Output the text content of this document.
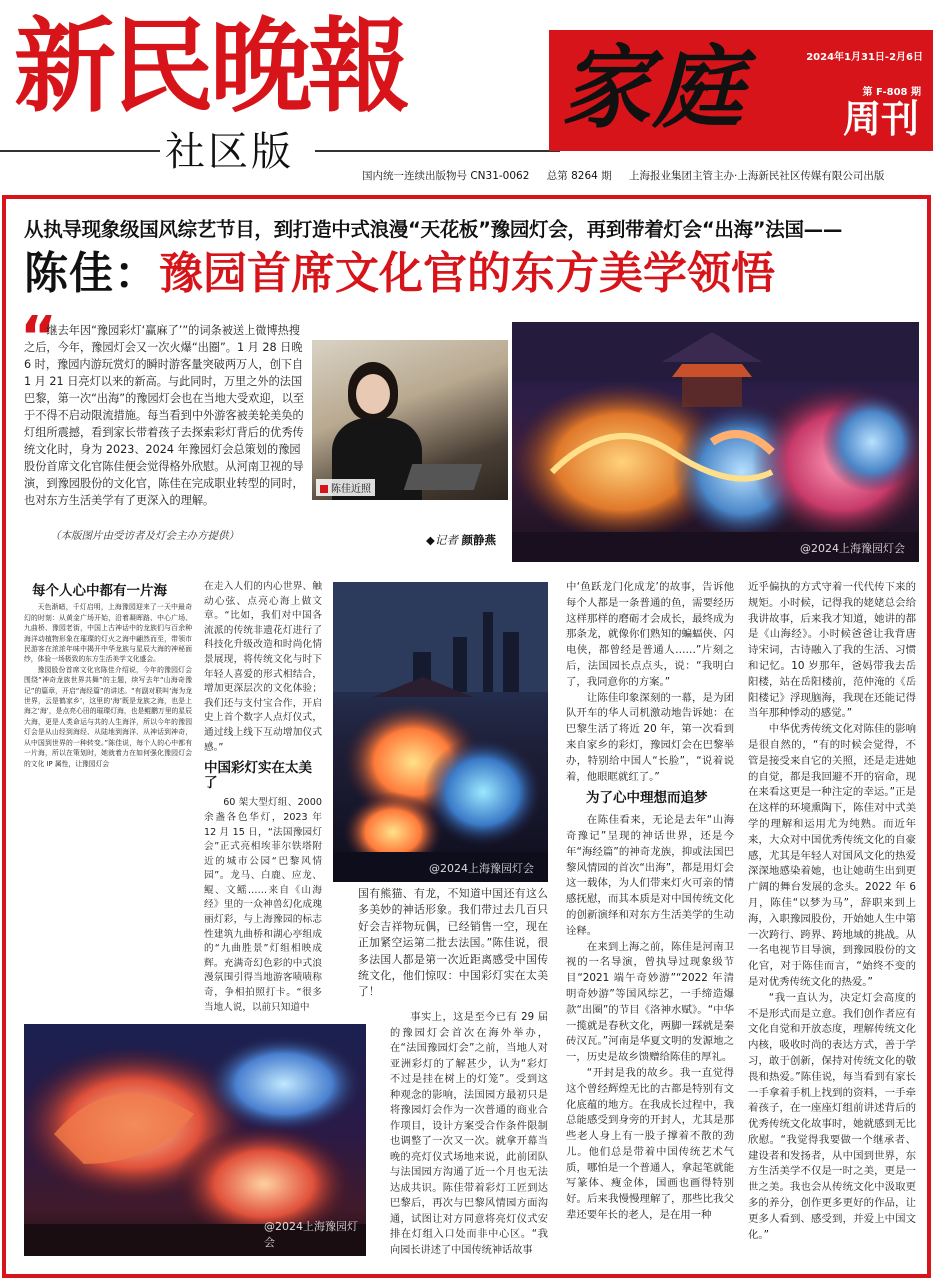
新民晚報
社区版
家庭	2024年1月31日-2月6日
第 F-808 期
周刊
国内统一连续出版物号 CN31-0062 总第 8264 期 上海报业集团主管主办·上海新民社区传媒有限公司出版
从执导现象级国风综艺节目，到打造中式浪漫“天花板”豫园灯会，再到带着灯会“出海”法国——
陈佳：豫园首席文化官的东方美学领悟
“
继去年因“豫园彩灯‘赢麻了’”的词条被送上微博热搜之后，今年，豫园灯会又一次火爆“出圈”。1 月 28 日晚 6 时，豫园内游玩赏灯的瞬时游客量突破两万人，创下自 1 月 21 日亮灯以来的新高。与此同时，万里之外的法国巴黎，第一次“出海”的豫园灯会也在当地大受欢迎，以至于不得不启动限流措施。每当看到中外游客被美轮美奂的灯组所震撼，看到家长带着孩子去探索彩灯背后的优秀传统文化时，身为 2023、2024 年豫园灯会总策划的豫园股份首席文化官陈佳便会觉得格外欣慰。从河南卫视的导演，到豫园股份的文化官，陈佳在完成职业转型的同时，也对东方生活美学有了更深入的理解。
陈佳近照
（本版图片由受访者及灯会主办方提供）	◆记者 颜静燕
@2024上海豫园灯会
每个人心中都有一片海

天色渐暗，千灯启明，上海豫园迎来了一天中最奇幻的时刻：从黄金广场开始，沿着凝晖路、中心广场、九曲桥、豫园老街，中国上古神话中的龙族们与百余种海洋动植物形象在璀璨的灯火之海中翩然而至，带领市民游客在浓浓年味中揭开中华龙族与星辰大海的神秘面纱，体验一场极致的东方生活美学文化盛会。

豫园股份首席文化官陈佳介绍说，今年的豫园灯会围绕“神奇龙族世界共舞”的主题，续写去年“山海奇豫记”的篇章，开启“海经篇”的讲述。“有副对联叫‘海为龙世界，云是鹤家乡’，这里的‘海’既是龙族之海，也是上海之‘海’，是点亮心田的璀璨灯海，也是鲲鹏万里的星辰大海，更是人类命运与共的人生海洋，所以今年的豫园灯会是从山经到海经、从陆地到海洋、从神话到神奇，从中国到世界的一种转变。”陈佳说，每个人的心中都有一片海，所以在策划时，她就着力在如何强化豫园灯会的文化 IP 属性，让豫园灯会

在走入人们的内心世界、触动心弦、点亮心海上做文章。“比如，我们对中国各流派的传统非遗花灯进行了科技化升级改造和时尚化情景展现，将传统文化与时下年轻人喜爱的形式相结合，增加更深层次的文化体验；我们还与支付宝合作，开启史上首个数字人点灯仪式，通过线上线下互动增加仪式感。”

中国彩灯实在太美了

60 架大型灯组、2000 余盏各色华灯，2023 年 12 月 15 日，“法国豫园灯会”正式亮相埃菲尔铁塔附近的城市公园“巴黎风情园”。龙马、白鹿、应龙、鲲、文鳐……来自《山海经》里的一众神兽幻化成瑰丽灯彩，与上海豫园的标志性建筑九曲桥和湖心亭组成的“九曲胜景”灯组相映成辉。充满奇幻色彩的中式浪漫氛围引得当地游客啧啧称奇，争相拍照打卡。“很多当地人说，以前只知道中

@2024上海豫园灯会

国有熊猫、有龙，不知道中国还有这么多美妙的神话形象。我们带过去几百只好会吉祥物玩偶，已经销售一空，现在正加紧空运第二批去法国。”陈佳说，很多法国人都是第一次近距离感受中国传统文化，他们惊叹：中国彩灯实在太美了！

事实上，这是至今已有 29 届的豫园灯会首次在海外举办，在“法国豫园灯会”之前，当地人对亚洲彩灯的了解甚少，认为“彩灯不过是挂在树上的灯笼”。受到这种观念的影响，法国园方最初只是将豫园灯会作为一次普通的商业合作项目，设计方案受合作条件限制也调整了一次又一次。就拿开幕当晚的亮灯仪式场地来说，此前团队与法国园方沟通了近一个月也无法达成共识。陈佳带着彩灯工匠到达巴黎后，再次与巴黎风情园方面沟通，试图让对方同意将亮灯仪式安排在灯组入口处而非中心区。“我向园长讲述了中国传统神话故事

@2024上海豫园灯会

中‘鱼跃龙门化成龙’的故事，告诉他每个人都是一条普通的鱼，需要经历这样那样的磨砺才会成长，最终成为那条龙，就像你们熟知的蝙蝠侠、闪电侠，都曾经是普通人……”片刻之后，法国园长点点头，说：“我明白了，我同意你的方案。”

让陈佳印象深刻的一幕，是为团队开车的华人司机激动地告诉她：在巴黎生活了将近 20 年，第一次看到来自家乡的彩灯，豫园灯会在巴黎举办，特别给中国人“长脸”，“说着说着，他眼眶就红了。”

为了心中理想而追梦

在陈佳看来，无论是去年“山海奇豫记”呈现的神话世界，还是今年“海经篇”的神奇龙族，抑或法国巴黎风情园的首次“出海”，都是用灯会这一载体，为人们带来灯火可亲的情感抚慰，而其本质是对中国传统文化的创新演绎和对东方生活美学的生动诠释。

在来到上海之前，陈佳是河南卫视的一名导演，曾执导过现象级节目“2021 端午奇妙游”“2022 年清明奇妙游”等国风综艺，一手缔造爆款“出圈”的节目《洛神水赋》。“中华一揽就是春秋文化，两脚一踩就是秦砖汉瓦。”河南是华夏文明的发源地之一，历史是故乡馈赠给陈佳的厚礼。

“开封是我的故乡。我一直觉得这个曾经辉煌无比的古都是特别有文化底蕴的地方。在我成长过程中，我总能感受到身旁的开封人，尤其是那些老人身上有一股子撑着不散的劲儿。他们总是带着中国传统艺术气质，哪怕是一个普通人，拿起笔就能写篆体、瘦金体，国画也画得特别好。后来我慢慢理解了，那些比我父辈还要年长的老人，是在用一种

近乎偏执的方式守着一代代传下来的规矩。小时候，记得我的姥姥总会给我讲故事，后来我才知道，她讲的都是《山海经》。小时候爸爸让我背唐诗宋词，古诗融入了我的生活、习惯和记忆。10 岁那年，爸妈带我去岳阳楼，站在岳阳楼前，范仲淹的《岳阳楼记》浮现脑海，我现在还能记得当年那种悸动的感觉。”

中华优秀传统文化对陈佳的影响是很自然的，“有的时候会觉得，不管是接受来自它的关照，还是走进她的自觉，都是我回避不开的宿命，现在来看这更是一种注定的幸运。”正是在这样的环境熏陶下，陈佳对中式美学的理解和运用尤为纯熟。而近年来，大众对中国优秀传统文化的自豪感，尤其是年轻人对国风文化的热爱深深地感染着她，也让她萌生出到更广阔的舞台发展的念头。2022 年 6 月，陈佳“以梦为马”，辞职来到上海，入职豫园股份，开始她人生中第一次跨行、跨界、跨地域的挑战。从一名电视节目导演，到豫园股份的文化官，对于陈佳而言，“始终不变的是对优秀传统文化的热爱。”

“我一直认为，决定灯会高度的不是形式而是立意。我们创作者应有文化自觉和开放态度，理解传统文化内核，吸收时尚的表达方式，善于学习，敢于创新，保持对传统文化的敬畏和热爱。”陈佳说，每当看到有家长一手拿着手机上找到的资料，一手牵着孩子，在一座座灯组前讲述背后的优秀传统文化故事时，她就感到无比欣慰。“我觉得我要做一个继承者、建设者和发扬者，从中国到世界，东方生活美学不仅是一时之美，更是一世之美。我也会从传统文化中汲取更多的养分，创作更多更好的作品，让更多人看到、感受到，并爱上中国文化。”
